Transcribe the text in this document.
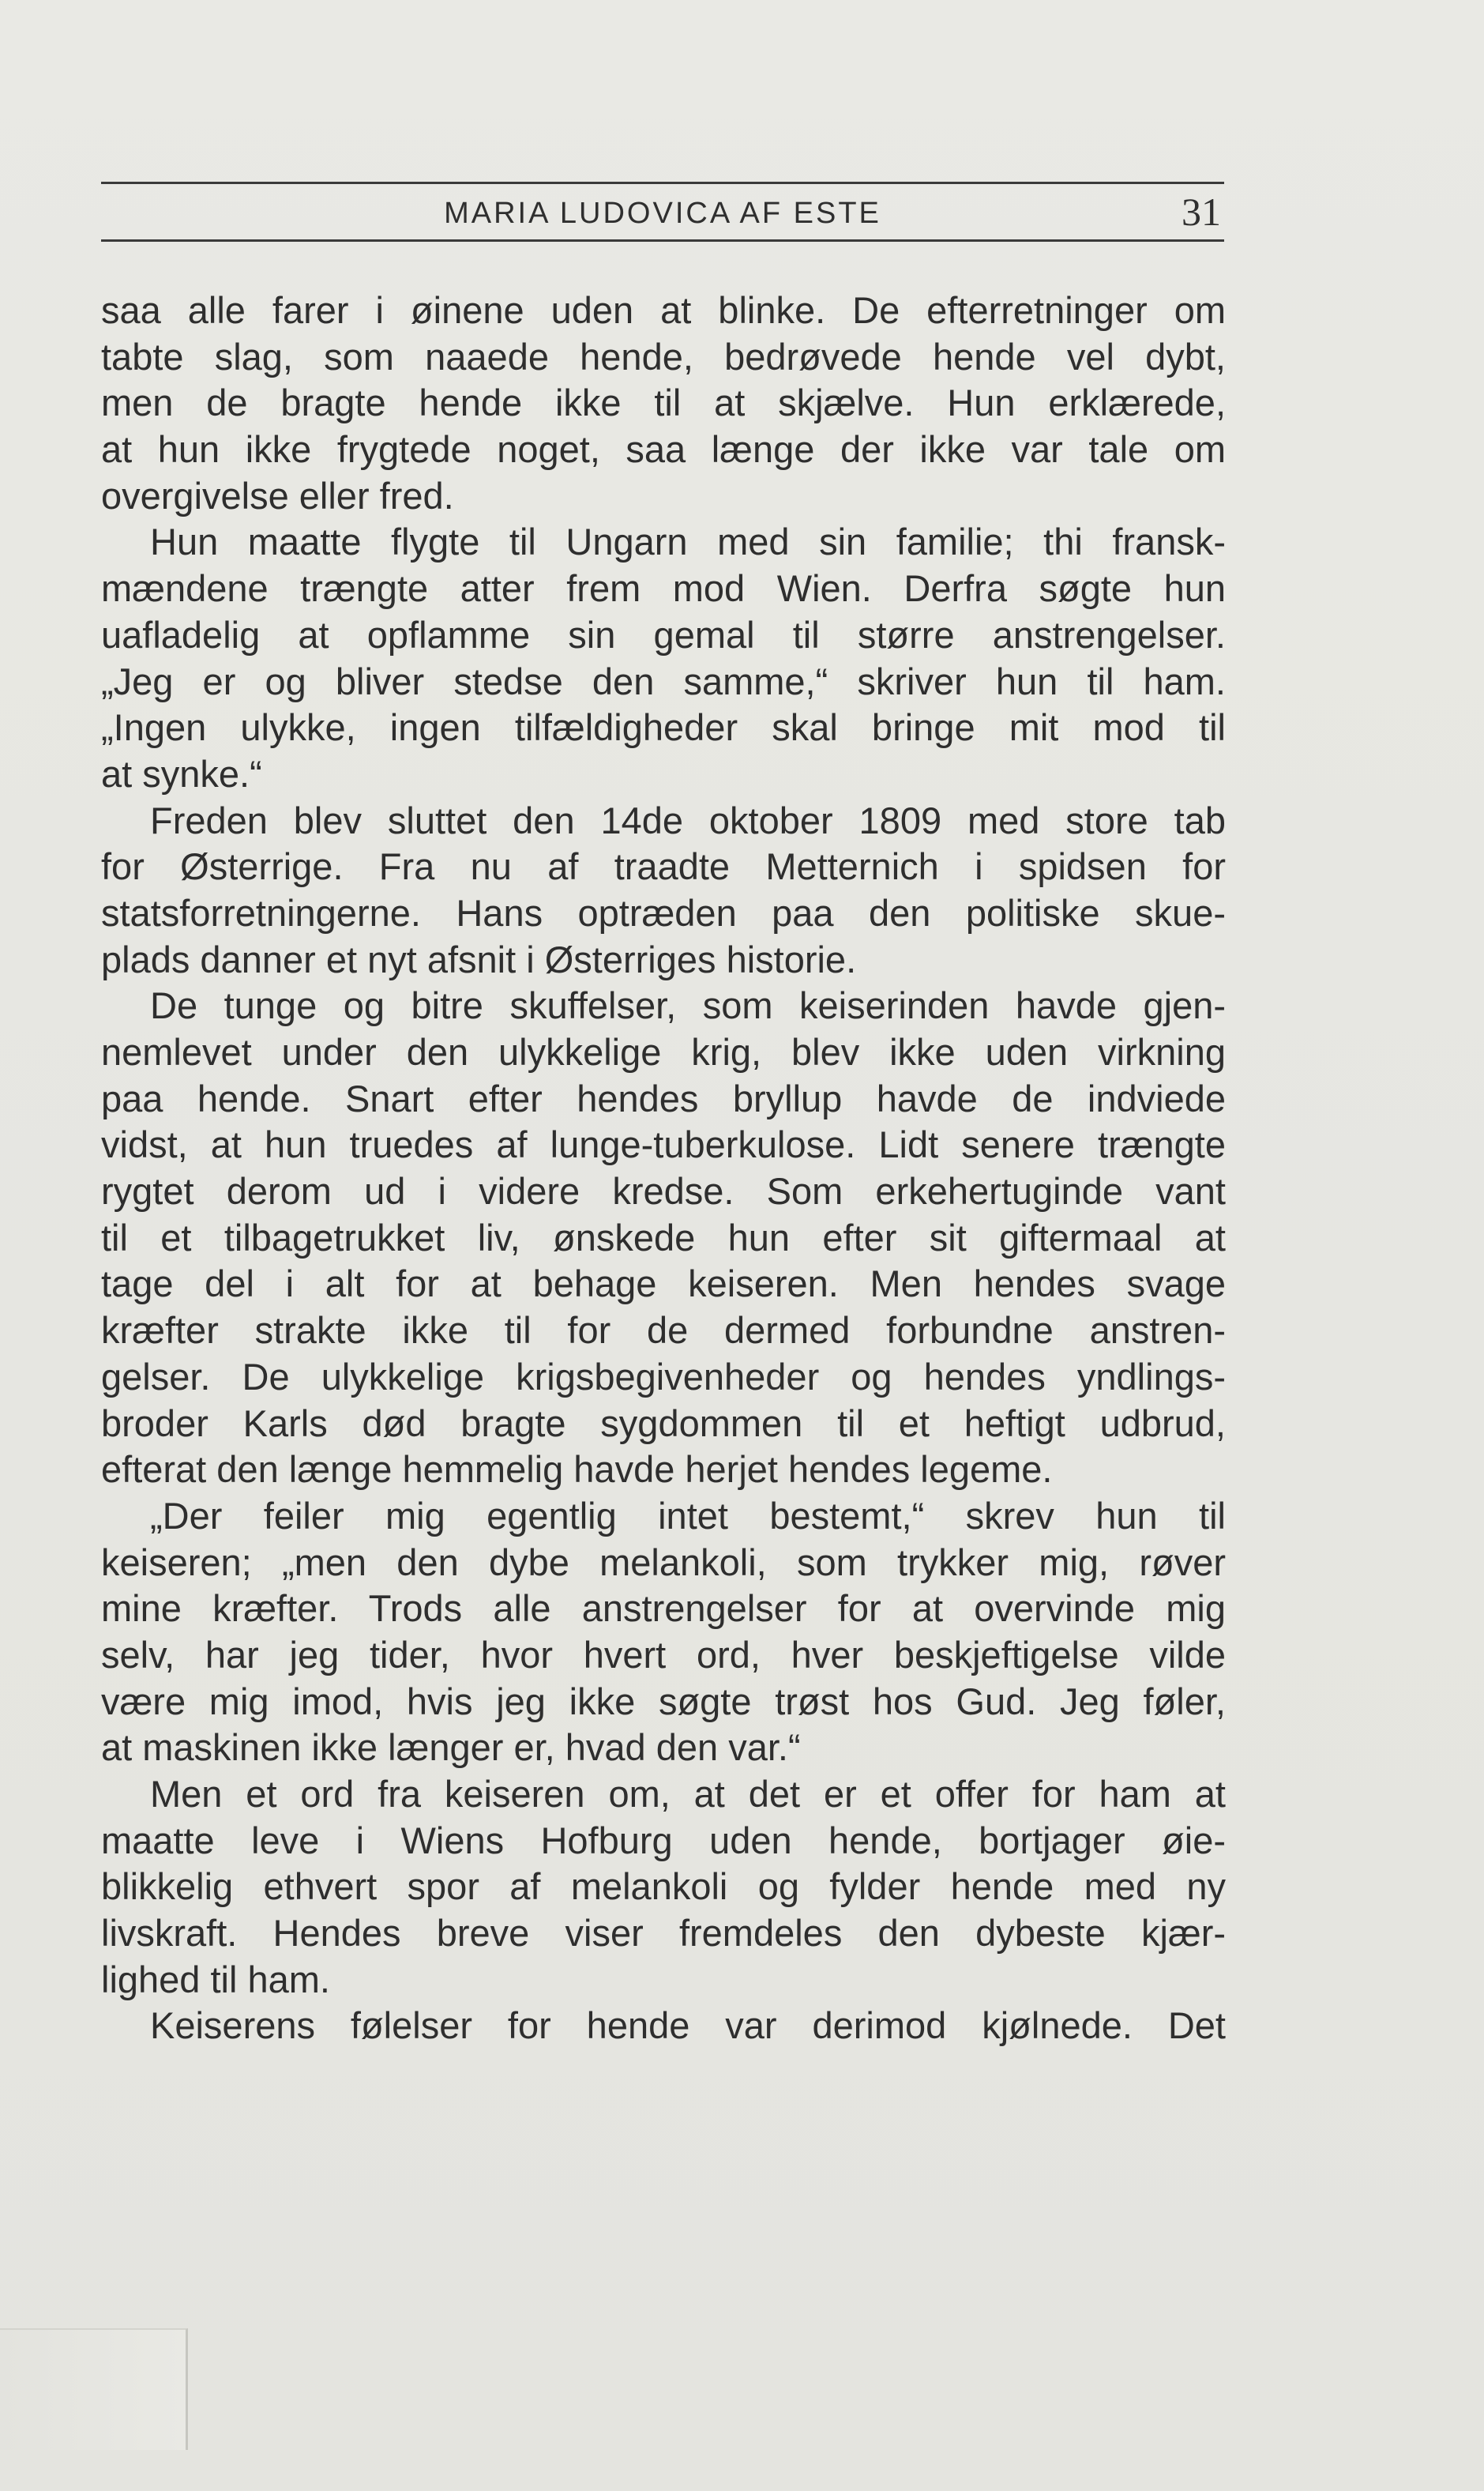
MARIA LUDOVICA AF ESTE	31
saa alle farer i øinene uden at blinke. De efterretninger om
tabte slag, som naaede hende, bedrøvede hende vel dybt,
men de bragte hende ikke til at skjælve. Hun erklærede,
at hun ikke frygtede noget, saa længe der ikke var tale om
overgivelse eller fred.
Hun maatte flygte til Ungarn med sin familie; thi fransk-
mændene trængte atter frem mod Wien. Derfra søgte hun
uafladelig at opflamme sin gemal til større anstrengelser.
„Jeg er og bliver stedse den samme,“ skriver hun til ham.
„Ingen ulykke, ingen tilfældigheder skal bringe mit mod til
at synke.“
Freden blev sluttet den 14de oktober 1809 med store tab
for Østerrige. Fra nu af traadte Metternich i spidsen for
statsforretningerne. Hans optræden paa den politiske skue-
plads danner et nyt afsnit i Østerriges historie.
De tunge og bitre skuffelser, som keiserinden havde gjen-
nemlevet under den ulykkelige krig, blev ikke uden virkning
paa hende. Snart efter hendes bryllup havde de indviede
vidst, at hun truedes af lunge-tuberkulose. Lidt senere trængte
rygtet derom ud i videre kredse. Som erkehertuginde vant
til et tilbagetrukket liv, ønskede hun efter sit giftermaal at
tage del i alt for at behage keiseren. Men hendes svage
kræfter strakte ikke til for de dermed forbundne anstren-
gelser. De ulykkelige krigsbegivenheder og hendes yndlings-
broder Karls død bragte sygdommen til et heftigt udbrud,
efterat den længe hemmelig havde herjet hendes legeme.
„Der feiler mig egentlig intet bestemt,“ skrev hun til
keiseren; „men den dybe melankoli, som trykker mig, røver
mine kræfter. Trods alle anstrengelser for at overvinde mig
selv, har jeg tider, hvor hvert ord, hver beskjeftigelse vilde
være mig imod, hvis jeg ikke søgte trøst hos Gud. Jeg føler,
at maskinen ikke længer er, hvad den var.“
Men et ord fra keiseren om, at det er et offer for ham at
maatte leve i Wiens Hofburg uden hende, bortjager øie-
blikkelig ethvert spor af melankoli og fylder hende med ny
livskraft. Hendes breve viser fremdeles den dybeste kjær-
lighed til ham.
Keiserens følelser for hende var derimod kjølnede. Det
